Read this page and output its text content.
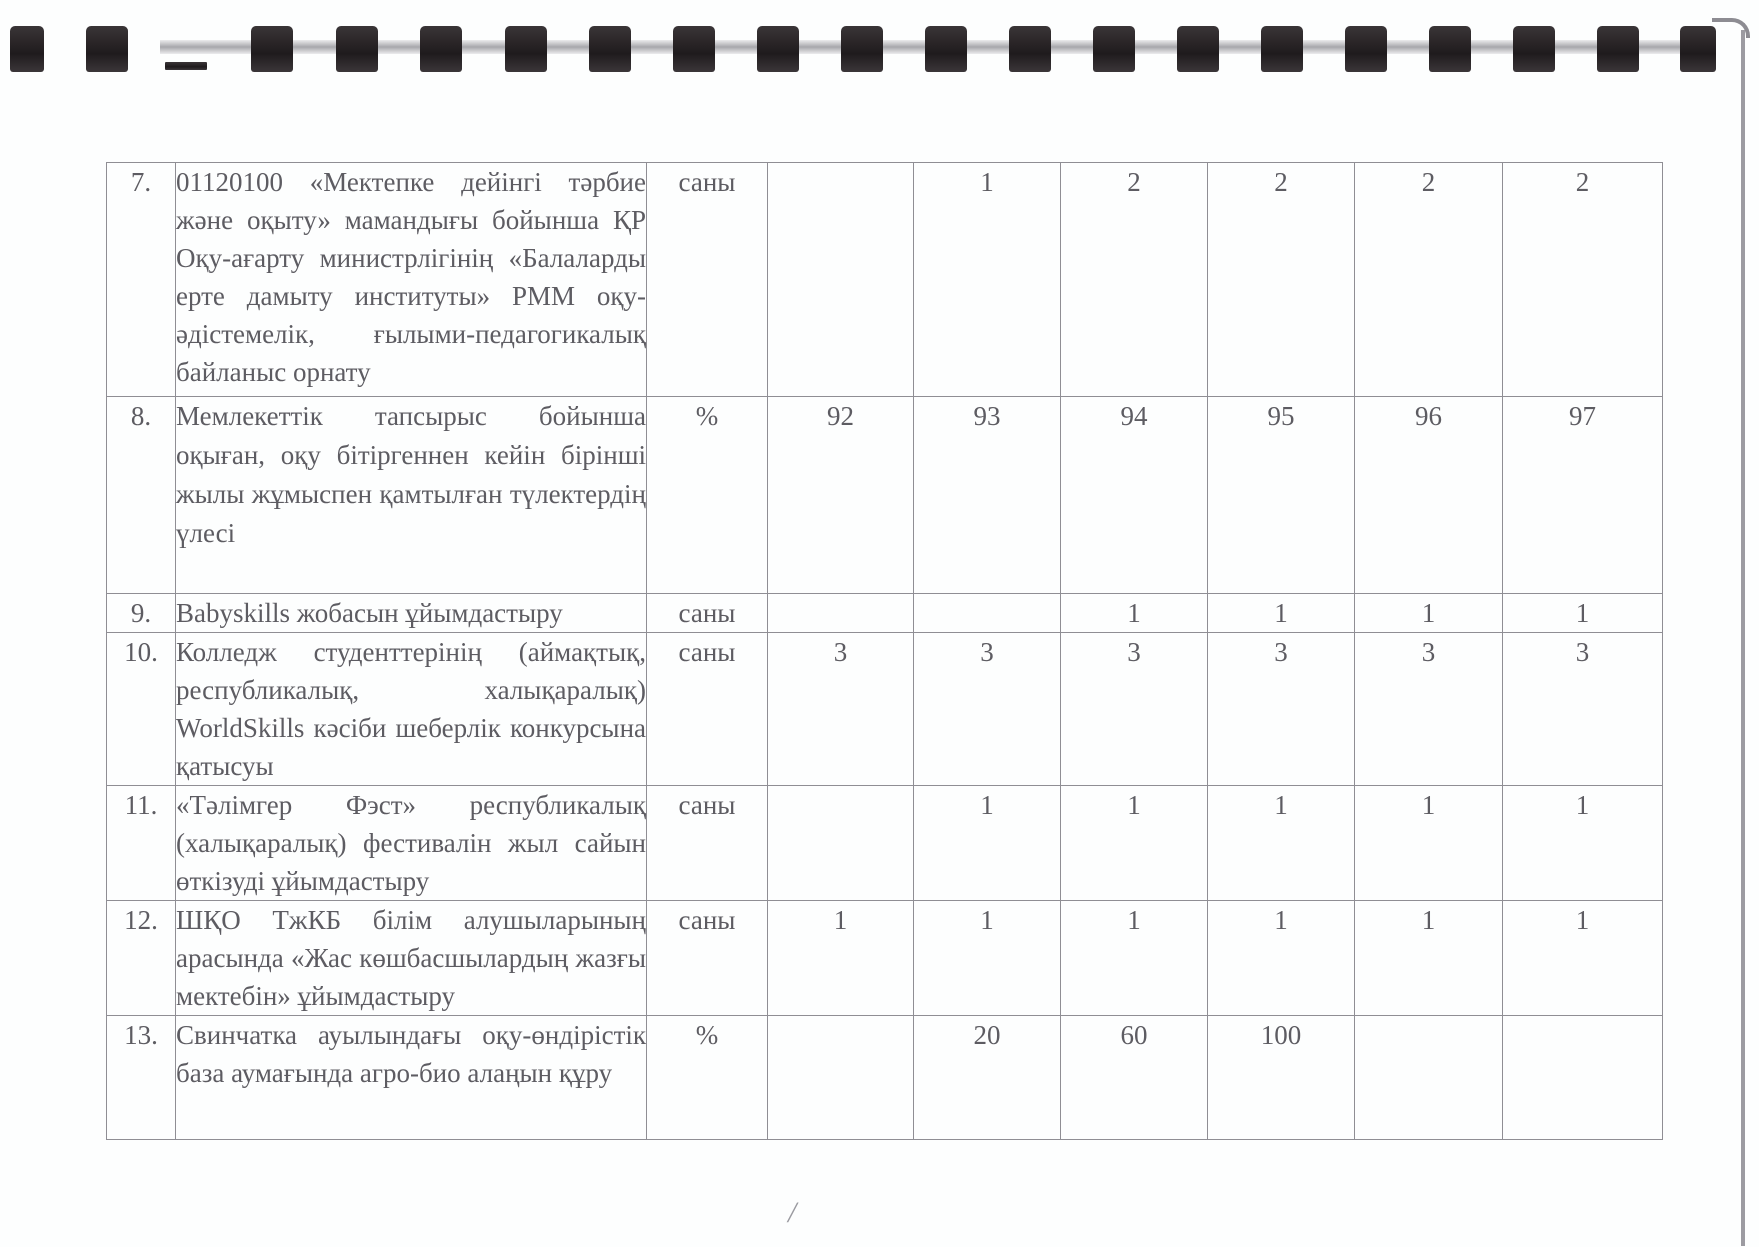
7.	01120100 «Мектепке дейінгі тәрбие және оқыту» мамандығы бойынша ҚР Оқу-ағарту министрлігінің «Балаларды ерте дамыту институты» РММ оқу-әдістемелік, ғылыми-педагогикалық байланыс орнату	саны		1	2	2	2	2
8.	Мемлекеттік тапсырыс бойынша оқыған, оқу бітіргеннен кейін бірінші жылы жұмыспен қамтылған түлектердің үлесі	%	92	93	94	95	96	97
9.	Babyskills жобасын ұйымдастыру	саны			1	1	1	1
10.	Колледж студенттерінің (аймақтық, республикалық, халықаралық) WorldSkills кәсіби шеберлік конкурсына қатысуы	саны	3	3	3	3	3	3
11.	«Тәлімгер Фэст» республикалық (халықаралық) фестивалін жыл сайын өткізуді ұйымдастыру	саны		1	1	1	1	1
12.	ШҚО ТжКБ білім алушыларының арасында «Жас көшбасшылардың жазғы мектебін» ұйымдастыру	саны	1	1	1	1	1	1
13.	Свинчатка ауылындағы оқу-өндірістік база аумағында агро-био алаңын құру	%		20	60	100		
/
